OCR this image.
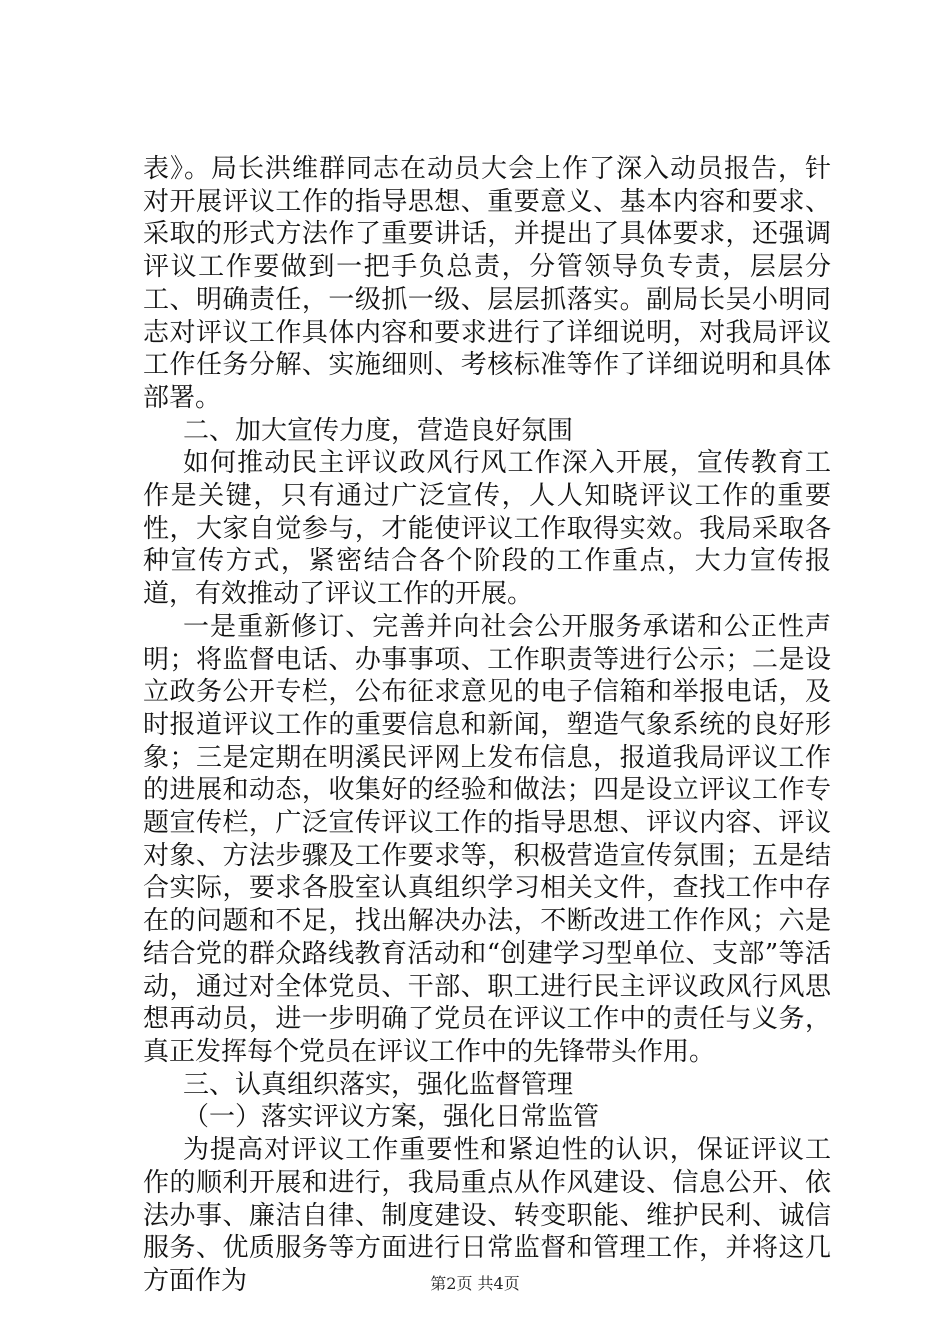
表》。局长洪维群同志在动员大会上作了深入动员报告，针对开展评议工作的指导思想、重要意义、基本内容和要求、采取的形式方法作了重要讲话，并提出了具体要求，还强调评议工作要做到一把手负总责，分管领导负专责，层层分工、明确责任，一级抓一级、层层抓落实。副局长吴小明同志对评议工作具体内容和要求进行了详细说明，对我局评议工作任务分解、实施细则、考核标准等作了详细说明和具体部署。

二、加大宣传力度，营造良好氛围

如何推动民主评议政风行风工作深入开展，宣传教育工作是关键，只有通过广泛宣传，人人知晓评议工作的重要性，大家自觉参与，才能使评议工作取得实效。我局采取各种宣传方式，紧密结合各个阶段的工作重点，大力宣传报道，有效推动了评议工作的开展。

一是重新修订、完善并向社会公开服务承诺和公正性声明；将监督电话、办事事项、工作职责等进行公示；二是设立政务公开专栏，公布征求意见的电子信箱和举报电话，及时报道评议工作的重要信息和新闻，塑造气象系统的良好形象；三是定期在明溪民评网上发布信息，报道我局评议工作的进展和动态，收集好的经验和做法；四是设立评议工作专题宣传栏，广泛宣传评议工作的指导思想、评议内容、评议对象、方法步骤及工作要求等，积极营造宣传氛围；五是结合实际，要求各股室认真组织学习相关文件，查找工作中存在的问题和不足，找出解决办法，不断改进工作作风；六是结合党的群众路线教育活动和“创建学习型单位、支部”等活动，通过对全体党员、干部、职工进行民主评议政风行风思想再动员，进一步明确了党员在评议工作中的责任与义务，真正发挥每个党员在评议工作中的先锋带头作用。

三、认真组织落实，强化监督管理

（一）落实评议方案，强化日常监管

为提高对评议工作重要性和紧迫性的认识，保证评议工作的顺利开展和进行，我局重点从作风建设、信息公开、依法办事、廉洁自律、制度建设、转变职能、维护民利、诚信服务、优质服务等方面进行日常监督和管理工作，并将这几方面作为	第2页 共4页
